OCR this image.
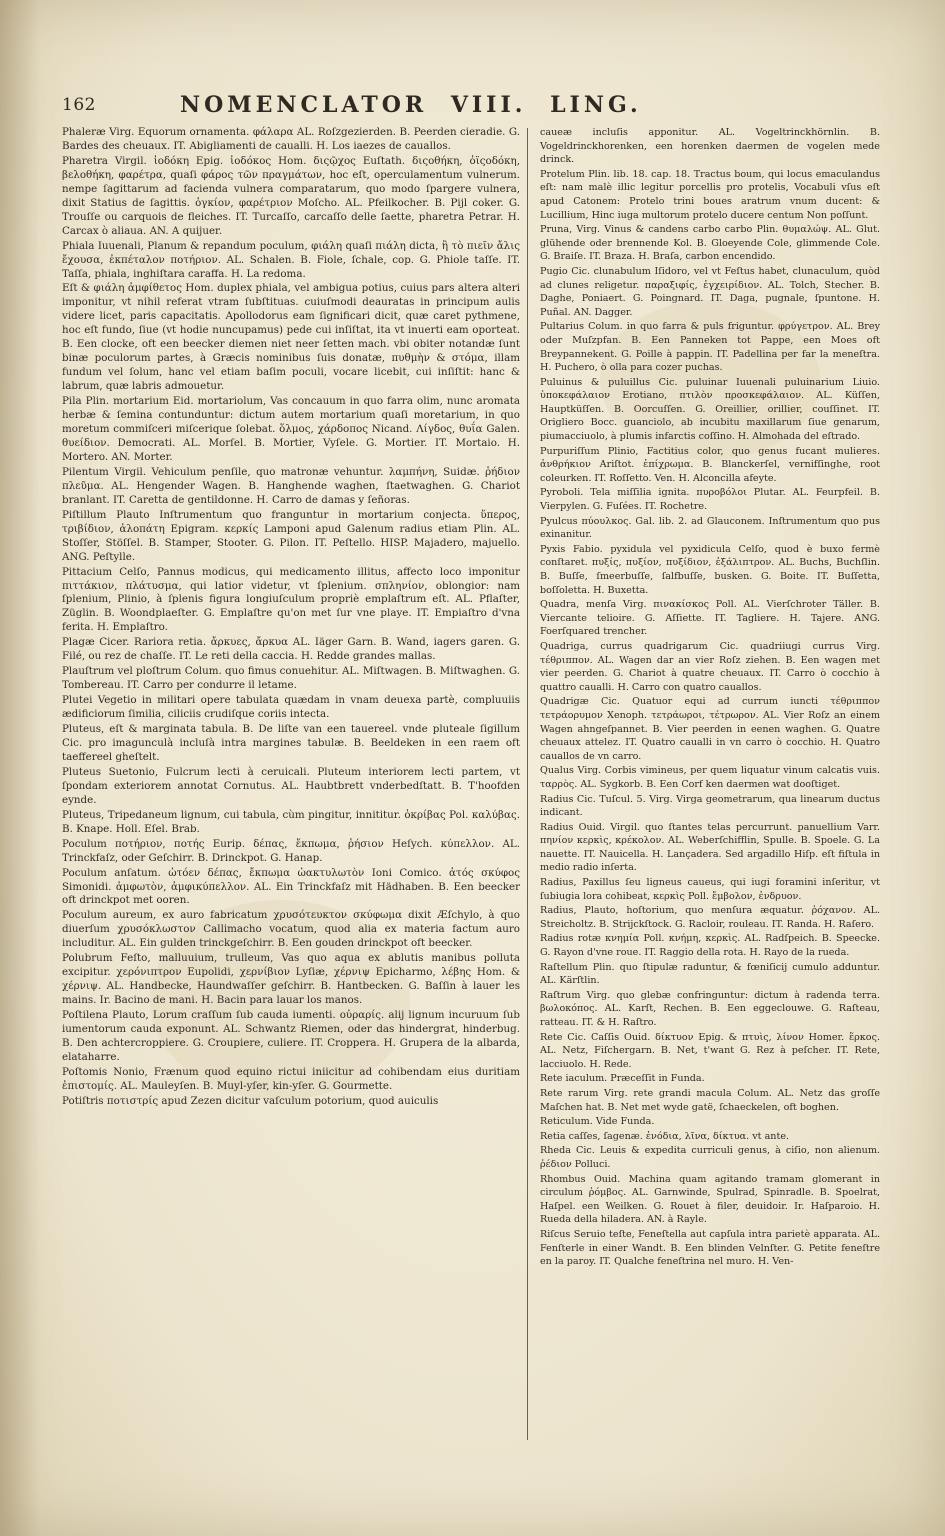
162	NOMENCLATOR VIII. LING.

Phaleræ Virg. Equorum ornamenta. φάλαρα AL. Roſzgezierden. B. Peerden cieradie. G. Bardes des cheuaux. IT. Abigliamenti de caualli. H. Los iaezes de cauallos.

Pharetra Virgil. ἰοδόκη Epig. ἰοδόκος Hom. διςῷχος Euſtath. διςοθήκη, ὀϊςοδόκη, βελοθήκη, φαρέτρα, quaſi φάρος τῶν πραγμάτων, hoc eſt, operculamentum vulnerum. nempe ſagittarum ad facienda vulnera comparatarum, quo modo ſpargere vulnera, dixit Statius de ſagittis. ὀγκίον, φαρέτριον Moſcho. AL. Pfeilkocher. B. Pijl coker. G. Trouſſe ou carquois de fleiches. IT. Turcaſſo, carcaſſo delle ſaette, pharetra Petrar. H. Carcax ò aliaua. AN. A quijuer.

Phiala Iuuenali, Planum & repandum poculum, φιάλη quaſi πιάλη dicta, ἢ τὸ πιεῖν ἄλις ἔχουσα, ἐκπέταλον ποτήριον. AL. Schalen. B. Fiole, ſchale, cop. G. Phiole taſſe. IT. Taſſa, phiala, inghiſtara caraffa. H. La redoma.

Eſt & φιάλη ἀμφίθετος Hom. duplex phiala, vel ambigua potius, cuius pars altera alteri imponitur, vt nihil referat vtram ſubſtituas. cuiuſmodi deauratas in principum aulis videre licet, paris capacitatis. Apollodorus eam ſignificari dicit, quæ caret pythmene, hoc eſt fundo, ſiue (vt hodie nuncupamus) pede cui inſiſtat, ita vt inuerti eam oporteat. B. Een clocke, oft een beecker diemen niet neer ſetten mach. vbi obiter notandæ ſunt binæ poculorum partes, à Græcis nominibus ſuis donatæ, πυθμὴν & στόμα, illam fundum vel ſolum, hanc vel etiam baſim poculi, vocare licebit, cui inſiſtit: hanc & labrum, quæ labris admouetur.

Pila Plin. mortarium Eid. mortariolum, Vas concauum in quo farra olim, nunc aromata herbæ & ſemina contunduntur: dictum autem mortarium quaſi moretarium, in quo moretum commiſceri miſcerique ſolebat. ὅλμος, χάρδοπος Nicand. Λίγδος, θυΐα Galen. θυείδιον. Democrati. AL. Morſel. B. Mortier, Vyſele. G. Mortier. IT. Mortaio. H. Mortero. AN. Morter.

Pilentum Virgil. Vehiculum penſile, quo matronæ vehuntur. λαμπήνη, Suidæ. ῥήδιον πλεῦμα. AL. Hengender Wagen. B. Hanghende waghen, ſtaetwaghen. G. Chariot branlant. IT. Caretta de gentildonne. H. Carro de damas y ſeñoras.

Piſtillum Plauto Inſtrumentum quo franguntur in mortarium conjecta. ὕπερος, τριβίδιον, ἀλοπάτη Epigram. κερκίς Lamponi apud Galenum radius etiam Plin. AL. Stoſſer, Stöſſel. B. Stamper, Stooter. G. Pilon. IT. Peſtello. HISP. Majadero, majuello. ANG. Peſtylle.

Pittacium Celſo, Pannus modicus, qui medicamento illitus, affecto loco imponitur πιττάκιον, πλάτυσμα, qui latior videtur, vt ſplenium. σπληνίον, oblongior: nam ſplenium, Plinio, à ſplenis figura longiuſculum propriè emplaſtrum eſt. AL. Pflaſter, Züglin. B. Woondplaeſter. G. Emplaſtre qu'on met ſur vne playe. IT. Empiaſtro d'vna ferita. H. Emplaſtro.

Plagæ Cicer. Rariora retia. ἄρκυες, ἄρκυα AL. Iäger Garn. B. Wand, iagers garen. G. Filé, ou rez de chaſſe. IT. Le reti della caccia. H. Redde grandes mallas.

Plauſtrum vel ploſtrum Colum. quo fimus conuehitur. AL. Miſtwagen. B. Miſtwaghen. G. Tombereau. IT. Carro per condurre il letame.

Plutei Vegetio in militari opere tabulata quædam in vnam deuexa partè, compluuiis ædificiorum ſimilia, ciliciis crudiſque coriis intecta.

Pluteus, eſt & marginata tabula. B. De liſte van een tauereel. vnde pluteale ſigillum Cic. pro imagunculà incluſà intra margines tabulæ. B. Beeldeken in een raem oft taeffereel gheſtelt.

Pluteus Suetonio, Fulcrum lecti à ceruicali. Pluteum interiorem lecti partem, vt ſpondam exteriorem annotat Cornutus. AL. Haubtbrett vnderbedſtatt. B. T'hoofden eynde.

Pluteus, Tripedaneum lignum, cui tabula, cùm pingitur, innititur. ὀκρίβας Pol. καλύβας. B. Knape. Holl. Eſel. Brab.

Poculum ποτήριον, ποτής Eurip. δέπας, ἔκπωμα, ῥήσιον Heſych. κύπελλον. AL. Trinckfaſz, oder Geſchirr. B. Drinckpot. G. Hanap.

Poculum anſatum. ὠτόεν δέπας, ἔκπωμα ὠακτυλωτὸν Ioni Comico. ἀτός σκύφος Simonidi. ἀμφωτὸν, ἀμφικύπελλον. AL. Ein Trinckfaſz mit Hädhaben. B. Een beecker oft drinckpot met ooren.

Poculum aureum, ex auro fabricatum χρυσότευκτον σκύφωμα dixit Æſchylo, à quo diuerſum χρυσόκλωστον Callimacho vocatum, quod alia ex materia factum auro includitur. AL. Ein gulden trinckgeſchirr. B. Een gouden drinckpot oft beecker.

Polubrum Feſto, malluuium, trulleum, Vas quo aqua ex ablutis manibus polluta excipitur. χερόνιπτρον Eupolidi, χερνίβιον Lyſiæ, χέρνιψ Epicharmo, λέβης Hom. & χέρνιψ. AL. Handbecke, Haundwaſſer geſchirr. B. Hantbecken. G. Baſſin à lauer les mains. Ir. Bacino de mani. H. Bacin para lauar los manos.

Poſtilena Plauto, Lorum craſſum ſub cauda iumenti. οὐραρίς. alij lignum incuruum ſub iumentorum cauda exponunt. AL. Schwantz Riemen, oder das hindergrat, hinderbug. B. Den achtercroppiere. G. Croupiere, culiere. IT. Croppera. H. Grupera de la albarda, elataharre.

Poſtomis Nonio, Frænum quod equino rictui iniicitur ad cohibendam eius duritiam ἐπιστομίς. AL. Mauleyſen. B. Muyl-yſer, kin-yſer. G. Gourmette.

Potiſtris ποτιστρίς apud Zezen dicitur vaſculum potorium, quod auiculis

caueæ incluſis apponitur. AL. Vogeltrinckhörnlin. B. Vogeldrinckhorenken, een horenken daermen de vogelen mede drinck.

Protelum Plin. lib. 18. cap. 18. Tractus boum, qui locus emaculandus eſt: nam malè illic legitur porcellis pro protelis, Vocabuli vſus eſt apud Catonem: Protelo trini boues aratrum vnum ducent: & Lucillium, Hinc iuga multorum protelo ducere centum Non poſſunt.

Pruna, Virg. Vinus & candens carbo carbo Plin. θυμαλώψ. AL. Glut. glühende oder brennende Kol. B. Gloeyende Cole, glimmende Cole. G. Braiſe. IT. Braza. H. Braſa, carbon encendido.

Pugio Cic. clunabulum Iſidoro, vel vt Feſtus habet, clunaculum, quòd ad clunes religetur. παραξιφίς, ἐγχειρίδιον. AL. Tolch, Stecher. B. Daghe, Poniaert. G. Poingnard. IT. Daga, pugnale, ſpuntone. H. Puñal. AN. Dagger.

Pultarius Colum. in quo farra & puls friguntur. φρύγετρον. AL. Brey oder Muſzpfan. B. Een Panneken tot Pappe, een Moes oft Breypannekent. G. Poille à pappin. IT. Padellina per far la meneſtra. H. Puchero, ò olla para cozer puchas.

Puluinus & puluillus Cic. puluinar Iuuenali puluinarium Liuio. ὑποκεφάλαιον Erotiano, πτιλὸν προσκεφάλαιον. AL. Küſſen, Hauptküſſen. B. Oorcuſſen. G. Oreillier, orillier, couſſinet. IT. Origliero Bocc. guanciolo, ab incubitu maxillarum ſiue genarum, piumacciuolo, à plumis infarctis coſſino. H. Almohada del eſtrado.

Purpuriſſum Plinio, Factitius color, quo genus fucant mulieres. ἀνθρήκιον Ariſtot. ἐπίχρωμα. B. Blanckerſel, vernifſinghe, root coleurken. IT. Roſſetto. Ven. H. Alconcilla afeyte.

Pyroboli. Tela miſſilia ignita. πυροβόλοι Plutar. AL. Feurpfeil. B. Vierpylen. G. Fuſées. IT. Rochetre.

Pyulcus πύουλκος. Gal. lib. 2. ad Glauconem. Inſtrumentum quo pus exinanitur.

Pyxis Fabio. pyxidula vel pyxidicula Celſo, quod è buxo fermè conſtaret. πυξίς, πυξίον, πυξίδιον, ἐξάλιπτρον. AL. Buchs, Buchſlin. B. Buſſe, ſmeerbuſſe, ſalfbuſſe, busken. G. Boite. IT. Buſſetta, boſſoletta. H. Buxetta.

Quadra, menſa Virg. πινακίσκος Poll. AL. Vierſchroter Täller. B. Viercante telioire. G. Aſſiette. IT. Tagliere. H. Tajere. ANG. Foerſquared trencher.

Quadriga, currus quadrigarum Cic. quadriiugi currus Virg. τέθριππον. AL. Wagen dar an vier Roſz ziehen. B. Een wagen met vier peerden. G. Chariot à quatre cheuaux. IT. Carro ò cocchio à quattro caualli. H. Carro con quatro cauallos.

Quadrigæ Cic. Quatuor equi ad currum iuncti τέθριππον τετράορυμον Xenoph. τετράωροι, τέτρωρον. AL. Vier Roſz an einem Wagen ahngeſpannet. B. Vier peerden in eenen waghen. G. Quatre cheuaux attelez. IT. Quatro caualli in vn carro ò cocchio. H. Quatro cauallos de vn carro.

Qualus Virg. Corbis vimineus, per quem liquatur vinum calcatis vuis. ταρρὸς. AL. Sygkorb. B. Een Corf ken daermen wat dooſtiget.

Radius Cic. Tuſcul. 5. Virg. Virga geometrarum, qua linearum ductus indicant.

Radius Ouid. Virgil. quo ſtantes telas percurrunt. panuellium Varr. πηνίον κερκὶς, κρέκολον. AL. Weberſchifflin, Spulle. B. Spoele. G. La nauette. IT. Nauicella. H. Lançadera. Sed argadillo Hiſp. eſt fiſtula in medio radio inſerta.

Radius, Paxillus ſeu ligneus caueus, qui iugi foramini inſeritur, vt ſubiugia lora cohibeat, κερκὶς Poll. ἔμβολον, ἐνδρυον.

Radius, Plauto, hoſtorium, quo menſura æquatur. ῥόχανον. AL. Streicholtz. B. Strijckſtock. G. Racloir, rouleau. IT. Randa. H. Raſero.

Radius rotæ κνημία Poll. κνήμη, κερκὶς. AL. Radſpeich. B. Speecke. G. Rayon d'vne roue. IT. Raggio della rota. H. Rayo de la rueda.

Raſtellum Plin. quo ſtipulæ raduntur, & fœniſicij cumulo adduntur. AL. Kärſtlin.

Raſtrum Virg. quo glebæ confringuntur: dictum à radenda terra. βωλοκόπος. AL. Karſt, Rechen. B. Een eggeclouwe. G. Raſteau, ratteau. IT. & H. Raſtro.

Rete Cic. Caſſis Ouid. δίκτυον Epig. & πτυὶς, λίνον Homer. ἕρκος. AL. Netz, Fiſchergarn. B. Net, t'want G. Rez à peſcher. IT. Rete, lacciuolo. H. Rede.

Rete iaculum. Præceſſit in Funda.

Rete rarum Virg. rete grandi macula Colum. AL. Netz das groſſe Maſchen hat. B. Net met wyde gatë, ſchaeckelen, oft boghen.

Reticulum. Vide Funda.

Retia caſſes, ſagenæ. ἐνόδια, λῖνα, δίκτυα. vt ante.

Rheda Cic. Leuis & expedita curriculi genus, à ciſio, non alienum. ῥέδιον Polluci.

Rhombus Ouid. Machina quam agitando tramam glomerant in circulum ῥόμβος. AL. Garnwinde, Spulrad, Spinradle. B. Spoelrat, Haſpel. een Weilken. G. Rouet à filer, deuidoir. Ir. Haſparoio. H. Rueda della hiladera. AN. à Rayle.

Riſcus Seruio teſte, Feneſtella aut capſula intra parietè apparata. AL. Fenſterle in einer Wandt. B. Een blinden Velnſter. G. Petite feneſtre en la paroy. IT. Qualche feneſtrina nel muro. H. Ven-
